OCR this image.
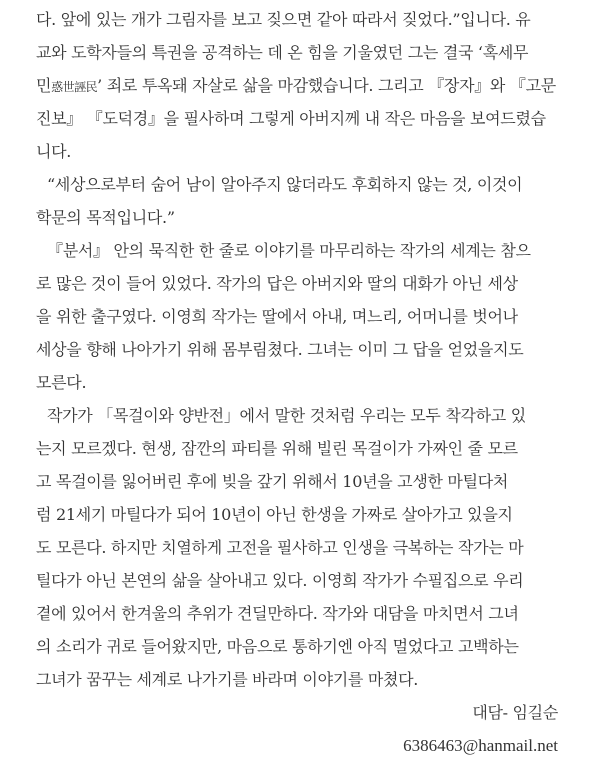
다. 앞에 있는 개가 그림자를 보고 짖으면 같아 따라서 짖었다.”입니다. 유
교와 도학자들의 특권을 공격하는 데 온 힘을 기울였던 그는 결국 ‘혹세무
민惑世誣民’ 죄로 투옥돼 자살로 삶을 마감했습니다. 그리고 『장자』와 『고문
진보』 『도덕경』을 필사하며 그렇게 아버지께 내 작은 마음을 보여드렸습
니다.

“세상으로부터 숨어 남이 알아주지 않더라도 후회하지 않는 것, 이것이
학문의 목적입니다.”

『분서』 안의 묵직한 한 줄로 이야기를 마무리하는 작가의 세계는 참으
로 많은 것이 들어 있었다. 작가의 답은 아버지와 딸의 대화가 아닌 세상
을 위한 출구였다. 이영희 작가는 딸에서 아내, 며느리, 어머니를 벗어나
세상을 향해 나아가기 위해 몸부림쳤다. 그녀는 이미 그 답을 얻었을지도
모른다.

작가가 「목걸이와 양반전」에서 말한 것처럼 우리는 모두 착각하고 있
는지 모르겠다. 현생, 잠깐의 파티를 위해 빌린 목걸이가 가짜인 줄 모르
고 목걸이를 잃어버린 후에 빚을 갚기 위해서 10년을 고생한 마틸다처
럼 21세기 마틸다가 되어 10년이 아닌 한생을 가짜로 살아가고 있을지
도 모른다. 하지만 치열하게 고전을 필사하고 인생을 극복하는 작가는 마
틸다가 아닌 본연의 삶을 살아내고 있다. 이영희 작가가 수필집으로 우리
곁에 있어서 한겨울의 추위가 견딜만하다. 작가와 대담을 마치면서 그녀
의 소리가 귀로 들어왔지만, 마음으로 통하기엔 아직 멀었다고 고백하는
그녀가 꿈꾸는 세계로 나가기를 바라며 이야기를 마쳤다.

대담- 임길순
6386463@hanmail.net
